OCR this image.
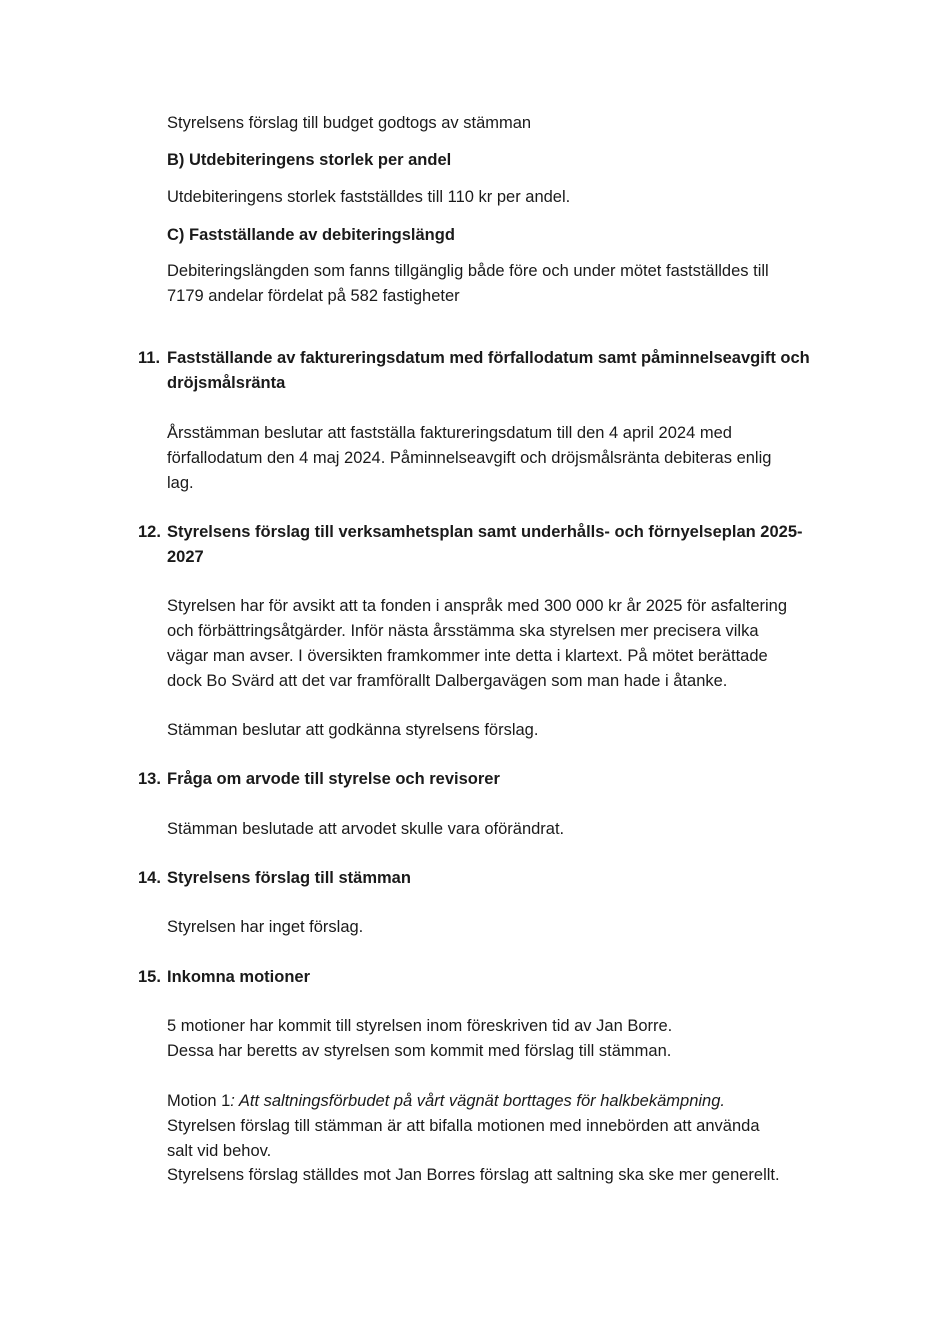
Styrelsens förslag till budget godtogs av stämman

B) Utdebiteringens storlek per andel

Utdebiteringens storlek fastställdes till 110 kr per andel.

C) Fastställande av debiteringslängd

Debiteringslängden som fanns tillgänglig både före och under mötet fastställdes till

7179 andelar fördelat på 582 fastigheter

11. Fastställande av faktureringsdatum med förfallodatum samt påminnelseavgift och

dröjsmålsränta

Årsstämman beslutar att fastställa faktureringsdatum till den 4 april 2024 med

förfallodatum den 4 maj 2024. Påminnelseavgift och dröjsmålsränta debiteras enlig

lag.

12. Styrelsens förslag till verksamhetsplan samt underhålls- och förnyelseplan 2025-

2027

Styrelsen har för avsikt att ta fonden i anspråk med 300 000 kr år 2025 för asfaltering

och förbättringsåtgärder. Inför nästa årsstämma ska styrelsen mer precisera vilka

vägar man avser. I översikten framkommer inte detta i klartext. På mötet berättade

dock Bo Svärd att det var framförallt Dalbergavägen som man hade i åtanke.

Stämman beslutar att godkänna styrelsens förslag.

13. Fråga om arvode till styrelse och revisorer

Stämman beslutade att arvodet skulle vara oförändrat.

14. Styrelsens förslag till stämman

Styrelsen har inget förslag.

15. Inkomna motioner

5 motioner har kommit till styrelsen inom föreskriven tid av Jan Borre.

Dessa har beretts av styrelsen som kommit med förslag till stämman.

Motion 1: Att saltningsförbudet på vårt vägnät borttages för halkbekämpning.

Styrelsen förslag till stämman är att bifalla motionen med innebörden att använda

salt vid behov.

Styrelsens förslag ställdes mot Jan Borres förslag att saltning ska ske mer generellt.
